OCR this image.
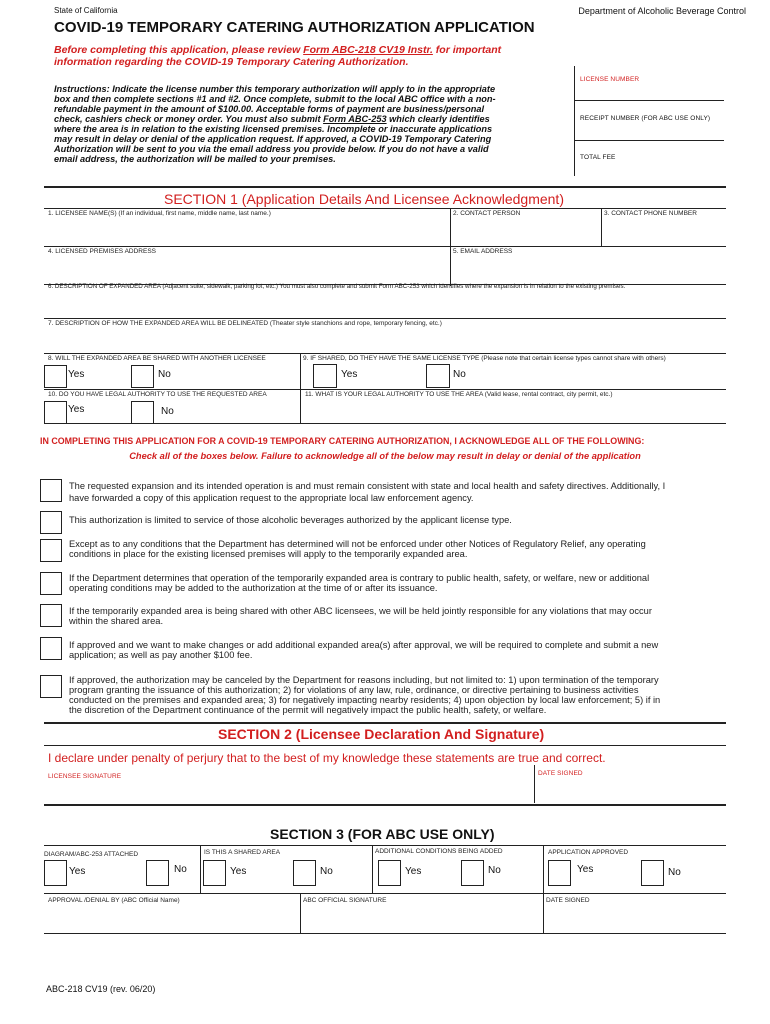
State of California	Department of Alcoholic Beverage Control
COVID-19 TEMPORARY CATERING AUTHORIZATION APPLICATION
Before completing this application, please review Form ABC-218 CV19 Instr. for important
information regarding the COVID-19 Temporary Catering Authorization.
Instructions: Indicate the license number this temporary authorization will apply to in the appropriate
box and then complete sections #1 and #2. Once complete, submit to the local ABC office with a non-
refundable payment in the amount of $100.00. Acceptable forms of payment are business/personal
check, cashiers check or money order. You must also submit Form ABC-253 which clearly identifies
where the area is in relation to the existing licensed premises. Incomplete or inaccurate applications
may result in delay or denial of the application request. If approved, a COVID-19 Temporary Catering
Authorization will be sent to you via the email address you provide below. If you do not have a valid
email address, the authorization will be mailed to your premises.
LICENSE NUMBER
RECEIPT NUMBER (FOR ABC USE ONLY)
TOTAL FEE
SECTION 1 (Application Details And Licensee Acknowledgment)
1. LICENSEE NAME(S) (If an individual, first name, middle name, last name.)	2. CONTACT PERSON	3. CONTACT PHONE NUMBER
4. LICENSED PREMISES ADDRESS	5. EMAIL ADDRESS
6. DESCRIPTION OF EXPANDED AREA (Adjacent suite, sidewalk, parking lot, etc.) You must also complete and submit Form ABC-253 which identifies where the expansion is in relation to the existing premises.
7. DESCRIPTION OF HOW THE EXPANDED AREA WILL BE DELINEATED (Theater style stanchions and rope, temporary fencing, etc.)
8. WILL THE EXPANDED AREA BE SHARED WITH ANOTHER LICENSEE	9. IF SHARED, DO THEY HAVE THE SAME LICENSE TYPE (Please note that certain license types cannot share with others)
Yes	No	Yes	No
10. DO YOU HAVE LEGAL AUTHORITY TO USE THE REQUESTED AREA	11. WHAT IS YOUR LEGAL AUTHORITY TO USE THE AREA (Valid lease, rental contract, city permit, etc.)
Yes	No
IN COMPLETING THIS APPLICATION FOR A COVID-19 TEMPORARY CATERING AUTHORIZATION, I ACKNOWLEDGE ALL OF THE FOLLOWING:
Check all of the boxes below. Failure to acknowledge all of the below may result in delay or denial of the application
The requested expansion and its intended operation is and must remain consistent with state and local health and safety directives. Additionally, I
have forwarded a copy of this application request to the appropriate local law enforcement agency.
This authorization is limited to service of those alcoholic beverages authorized by the applicant license type.
Except as to any conditions that the Department has determined will not be enforced under other Notices of Regulatory Relief, any operating
conditions in place for the existing licensed premises will apply to the temporarily expanded area.
If the Department determines that operation of the temporarily expanded area is contrary to public health, safety, or welfare, new or additional
operating conditions may be added to the authorization at the time of or after its issuance.
If the temporarily expanded area is being shared with other ABC licensees, we will be held jointly responsible for any violations that may occur
within the shared area.
If approved and we want to make changes or add additional expanded area(s) after approval, we will be required to complete and submit a new
application; as well as pay another $100 fee.
If approved, the authorization may be canceled by the Department for reasons including, but not limited to: 1) upon termination of the temporary
program granting the issuance of this authorization; 2) for violations of any law, rule, ordinance, or directive pertaining to business activities
conducted on the premises and expanded area; 3) for negatively impacting nearby residents; 4) upon objection by local law enforcement; 5) if in
the discretion of the Department continuance of the permit will negatively impact the public health, safety, or welfare.
SECTION 2 (Licensee Declaration And Signature)
I declare under penalty of perjury that to the best of my knowledge these statements are true and correct.
LICENSEE SIGNATURE	DATE SIGNED
SECTION 3 (FOR ABC USE ONLY)
DIAGRAM/ABC-253 ATTACHED	IS THIS A SHARED AREA	ADDITIONAL CONDITIONS BEING ADDED	APPLICATION APPROVED
Yes	No	Yes	No	Yes	No	Yes	No
APPROVAL /DENIAL BY (ABC Official Name)	ABC OFFICIAL SIGNATURE	DATE SIGNED
ABC-218 CV19 (rev. 06/20)
